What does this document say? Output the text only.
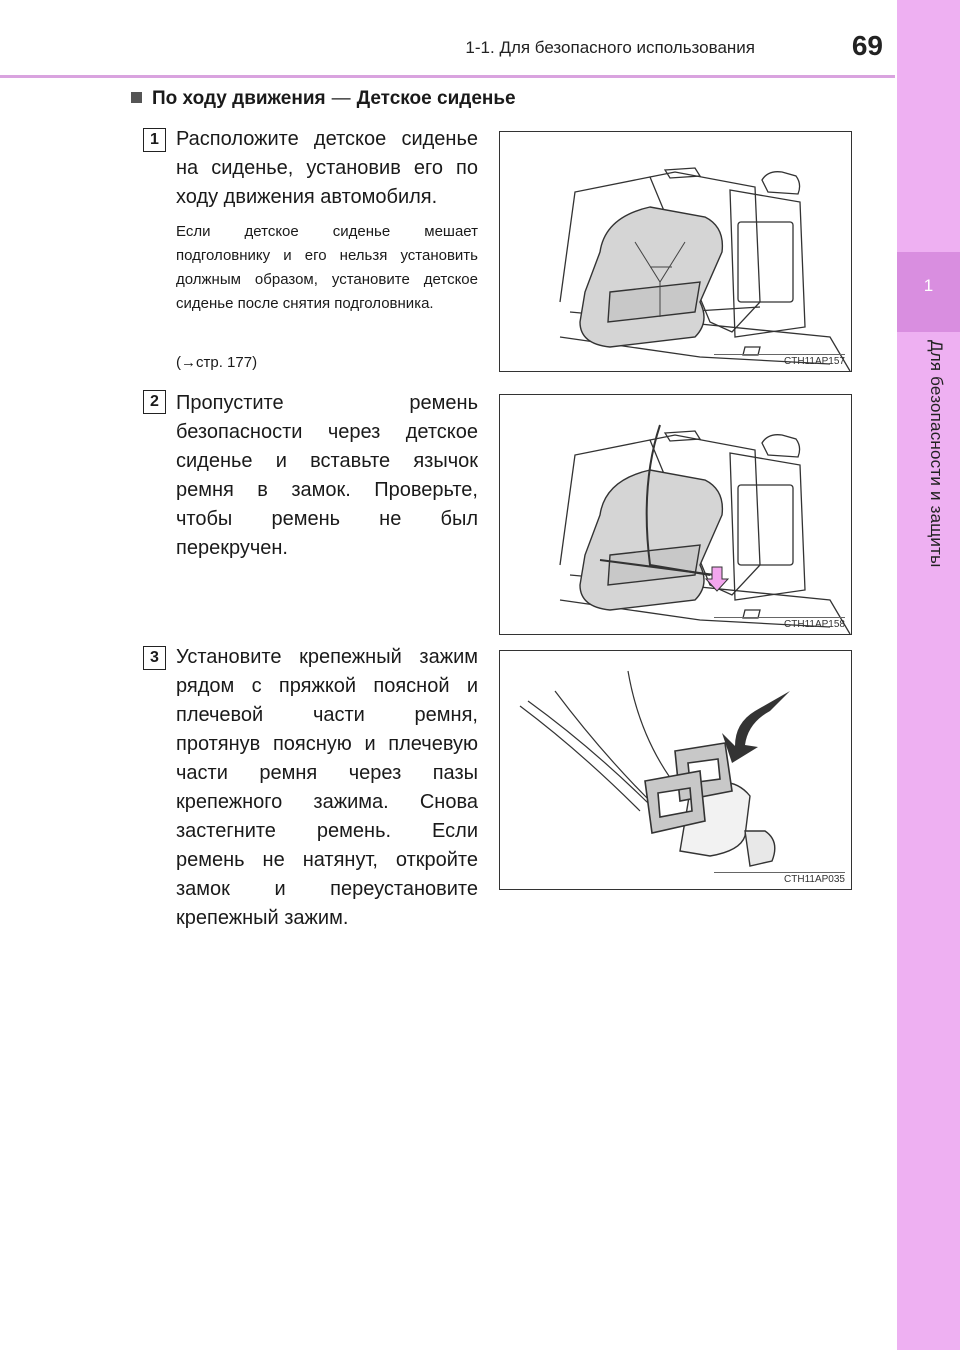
1-1. Для безопасного использования	69
1
Для безопасности и защиты
По ходу движения — Детское сиденье
1 Расположите детское сиденье на сиденье, установив его по ходу движения автомобиля.
Если детское сиденье мешает подголовнику и его нельзя установить должным образом, установите детское сиденье после снятия подголовника.
(→стр. 177)	CTH11AP157
2 Пропустите ремень безопасности через детское сиденье и вставьте язычок ремня в замок. Проверьте, чтобы ремень не был перекручен.
CTH11AP158
3 Установите крепежный зажим рядом с пряжкой поясной и плечевой части ремня, протянув поясную и плечевую части ремня через пазы крепежного зажима. Снова застегните ремень. Если ремень не натянут, откройте замок и переустановите крепежный зажим.
CTH11AP035
